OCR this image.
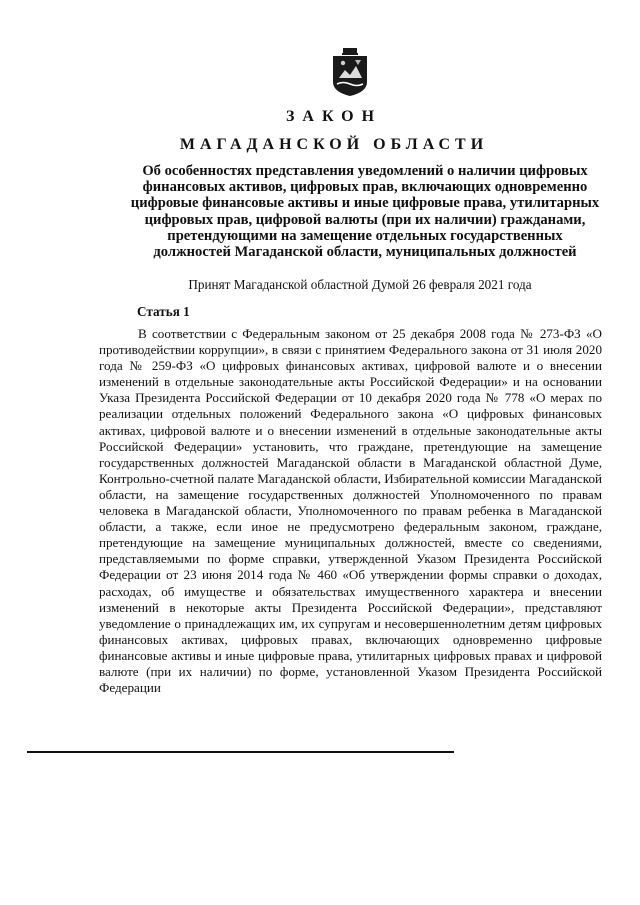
ЗАКОН
МАГАДАНСКОЙ ОБЛАСТИ
Об особенностях представления уведомлений о наличии цифровых финансовых активов, цифровых прав, включающих одновременно цифровые финансовые активы и иные цифровые права, утилитарных цифровых прав, цифровой валюты (при их наличии) гражданами, претендующими на замещение отдельных государственных должностей Магаданской области, муниципальных должностей
Принят Магаданской областной Думой 26 февраля 2021 года
Статья 1

В соответствии с Федеральным законом от 25 декабря 2008 года № 273-ФЗ «О противодействии коррупции», в связи с принятием Федерального закона от 31 июля 2020 года № 259-ФЗ «О цифровых финансовых активах, цифровой валюте и о внесении изменений в отдельные законодательные акты Российской Федерации» и на основании Указа Президента Российской Федерации от 10 декабря 2020 года № 778 «О мерах по реализации отдельных положений Федерального закона «О цифровых финансовых активах, цифровой валюте и о внесении изменений в отдельные законодательные акты Российской Федерации» установить, что граждане, претендующие на замещение государственных должностей Магаданской области в Магаданской областной Думе, Контрольно-счетной палате Магаданской области, Избирательной комиссии Магаданской области, на замещение государственных должностей Уполномоченного по правам человека в Магаданской области, Уполномоченного по правам ребенка в Магаданской области, а также, если иное не предусмотрено федеральным законом, граждане, претендующие на замещение муниципальных должностей, вместе со сведениями, представляемыми по форме справки, утвержденной Указом Президента Российской Федерации от 23 июня 2014 года № 460 «Об утверждении формы справки о доходах, расходах, об имуществе и обязательствах имущественного характера и внесении изменений в некоторые акты Президента Российской Федерации», представляют уведомление о принадлежащих им, их супругам и несовершеннолетним детям цифровых финансовых активах, цифровых правах, включающих одновременно цифровые финансовые активы и иные цифровые права, утилитарных цифровых правах и цифровой валюте (при их наличии) по форме, установленной Указом Президента Российской Федерации
